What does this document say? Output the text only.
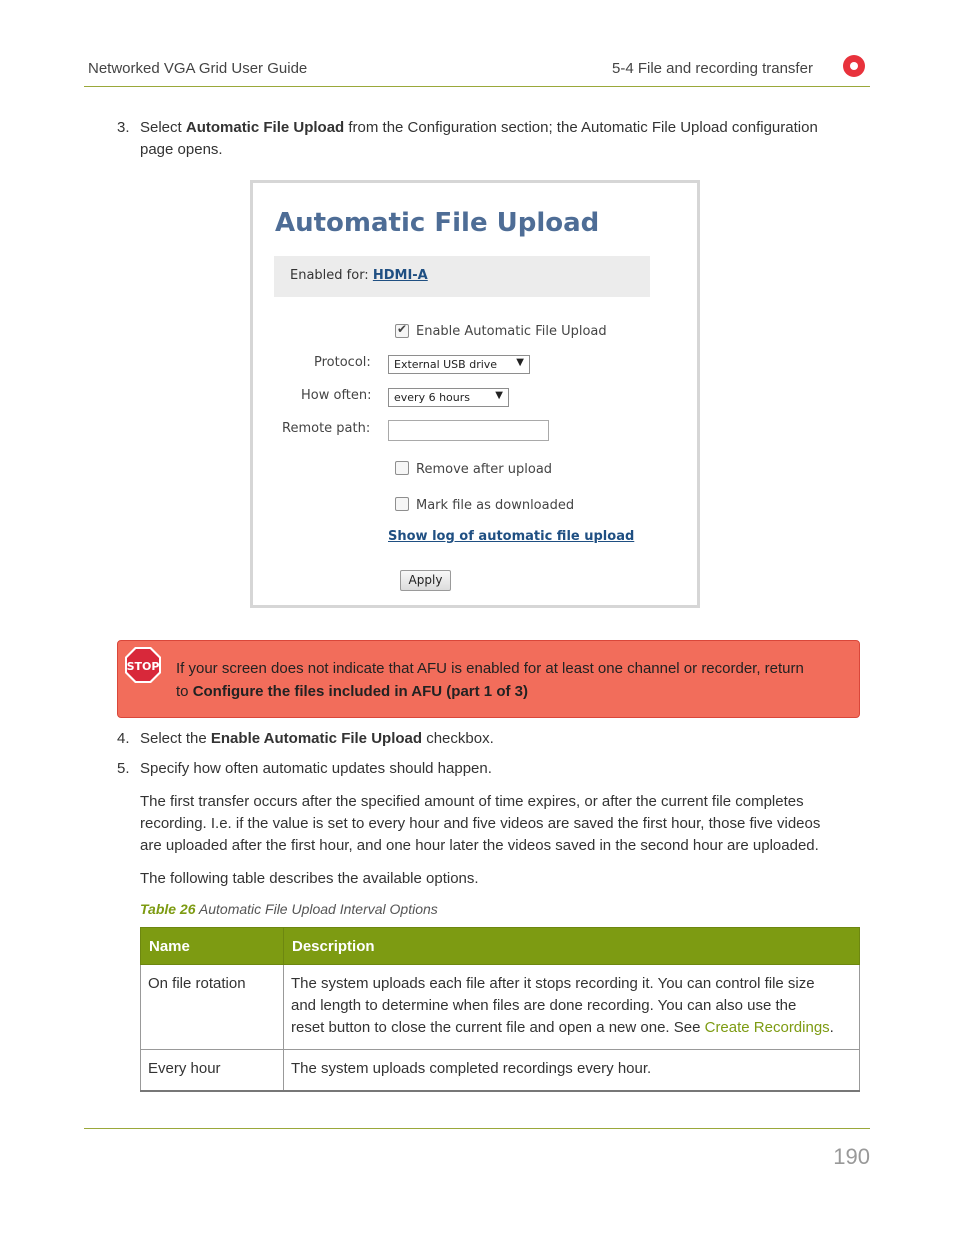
Networked VGA Grid User Guide	5-4 File and recording transfer
3. Select Automatic File Upload from the Configuration section; the Automatic File Upload configuration
page opens.
Automatic File Upload
Enabled for: HDMI-A
✔
Enable Automatic File Upload
Protocol: External USB drive ▼
How often: every 6 hours	▼
Remote path:
Remove after upload
Mark file as downloaded
Show log of automatic file upload
Apply
STOP If your screen does not indicate that AFU is enabled for at least one channel or recorder, return
to Configure the files included in AFU (part 1 of 3)
4. Select the Enable Automatic File Upload checkbox.
5. Specify how often automatic updates should happen.
The first transfer occurs after the specified amount of time expires, or after the current file completes
recording. I.e. if the value is set to every hour and five videos are saved the first hour, those five videos
are uploaded after the first hour, and one hour later the videos saved in the second hour are uploaded.
The following table describes the available options.
Table 26 Automatic File Upload Interval Options
Name	Description
On file rotation	The system uploads each file after it stops recording it. You can control file size
and length to determine when files are done recording. You can also use the
reset button to close the current file and open a new one. See Create Recordings.
Every hour	The system uploads completed recordings every hour.
190
